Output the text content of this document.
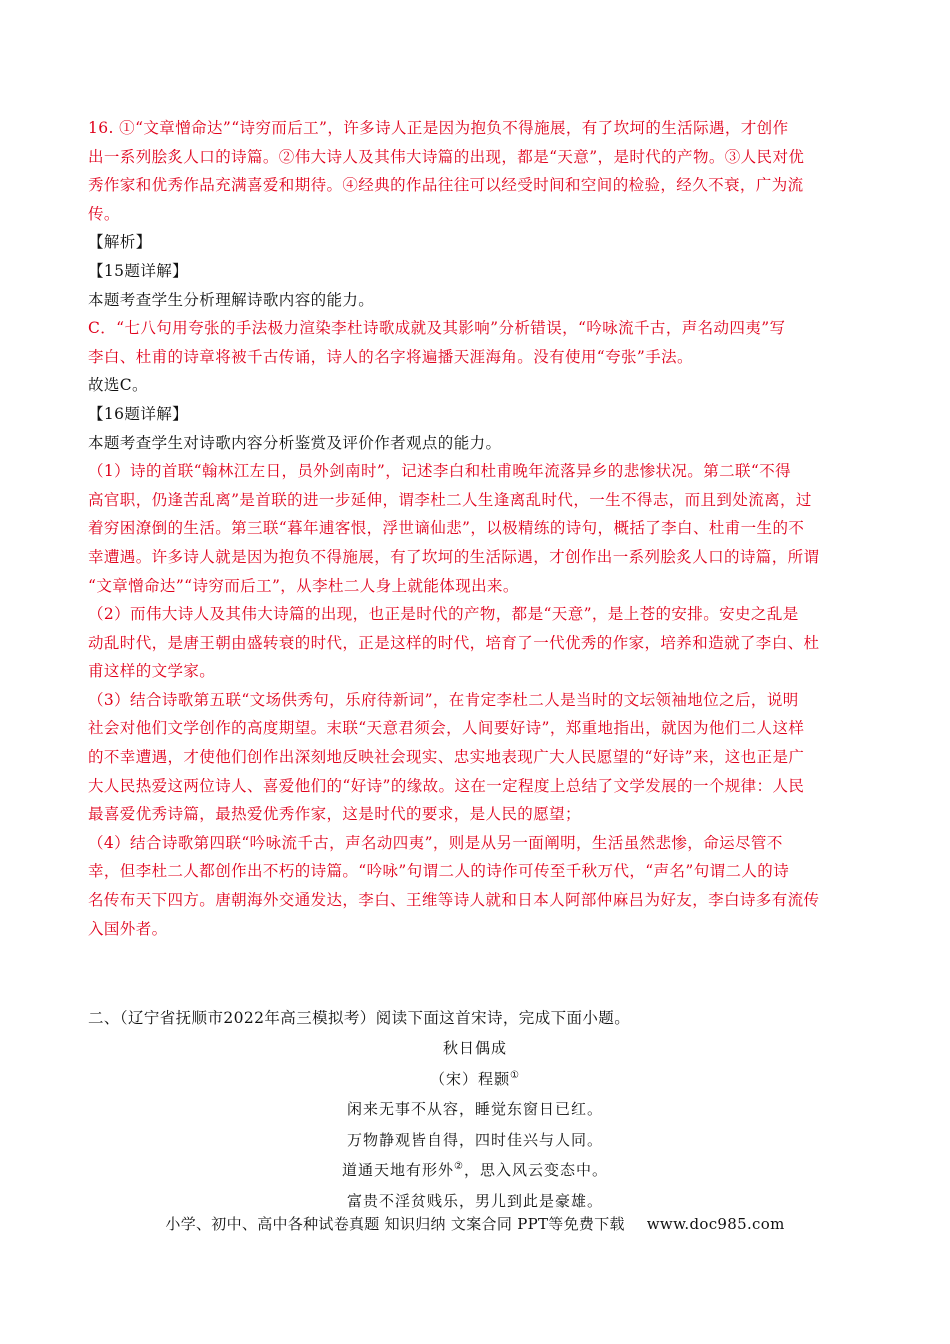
16. ①“文章憎命达”“诗穷而后工”，许多诗人正是因为抱负不得施展，有了坎坷的生活际遇，才创作
出一系列脍炙人口的诗篇。②伟大诗人及其伟大诗篇的出现，都是“天意”，是时代的产物。③人民对优
秀作家和优秀作品充满喜爱和期待。④经典的作品往往可以经受时间和空间的检验，经久不衰，广为流
传。
【解析】
【15题详解】
本题考查学生分析理解诗歌内容的能力。
C．“七八句用夸张的手法极力渲染李杜诗歌成就及其影响”分析错误，“吟咏流千古，声名动四夷”写
李白、杜甫的诗章将被千古传诵，诗人的名字将遍播天涯海角。没有使用“夸张”手法。
故选C。
【16题详解】
本题考查学生对诗歌内容分析鉴赏及评价作者观点的能力。
（1）诗的首联“翰林江左日，员外剑南时”，记述李白和杜甫晚年流落异乡的悲惨状况。第二联“不得
高官职，仍逢苦乱离”是首联的进一步延伸，谓李杜二人生逢离乱时代，一生不得志，而且到处流离，过
着穷困潦倒的生活。第三联“暮年逋客恨，浮世谪仙悲”，以极精练的诗句，概括了李白、杜甫一生的不
幸遭遇。许多诗人就是因为抱负不得施展，有了坎坷的生活际遇，才创作出一系列脍炙人口的诗篇，所谓
“文章憎命达”“诗穷而后工”，从李杜二人身上就能体现出来。
（2）而伟大诗人及其伟大诗篇的出现，也正是时代的产物，都是“天意”，是上苍的安排。安史之乱是
动乱时代，是唐王朝由盛转衰的时代，正是这样的时代，培育了一代优秀的作家，培养和造就了李白、杜
甫这样的文学家。
（3）结合诗歌第五联“文场供秀句，乐府待新词”，在肯定李杜二人是当时的文坛领袖地位之后，说明
社会对他们文学创作的高度期望。末联“天意君须会，人间要好诗”，郑重地指出，就因为他们二人这样
的不幸遭遇，才使他们创作出深刻地反映社会现实、忠实地表现广大人民愿望的“好诗”来，这也正是广
大人民热爱这两位诗人、喜爱他们的“好诗”的缘故。这在一定程度上总结了文学发展的一个规律：人民
最喜爱优秀诗篇，最热爱优秀作家，这是时代的要求，是人民的愿望；
（4）结合诗歌第四联“吟咏流千古，声名动四夷”，则是从另一面阐明，生活虽然悲惨，命运尽管不
幸，但李杜二人都创作出不朽的诗篇。“吟咏”句谓二人的诗作可传至千秋万代，“声名”句谓二人的诗
名传布天下四方。唐朝海外交通发达，李白、王维等诗人就和日本人阿部仲麻吕为好友，李白诗多有流传
入国外者。
二、（辽宁省抚顺市2022年高三模拟考）阅读下面这首宋诗，完成下面小题。
秋日偶成
（宋）程颢①
闲来无事不从容，睡觉东窗日已红。
万物静观皆自得，四时佳兴与人同。
道通天地有形外②，思入风云变态中。
富贵不淫贫贱乐，男儿到此是豪雄。
小学、初中、高中各种试卷真题 知识归纳 文案合同 PPT等免费下载 www.doc985.com
